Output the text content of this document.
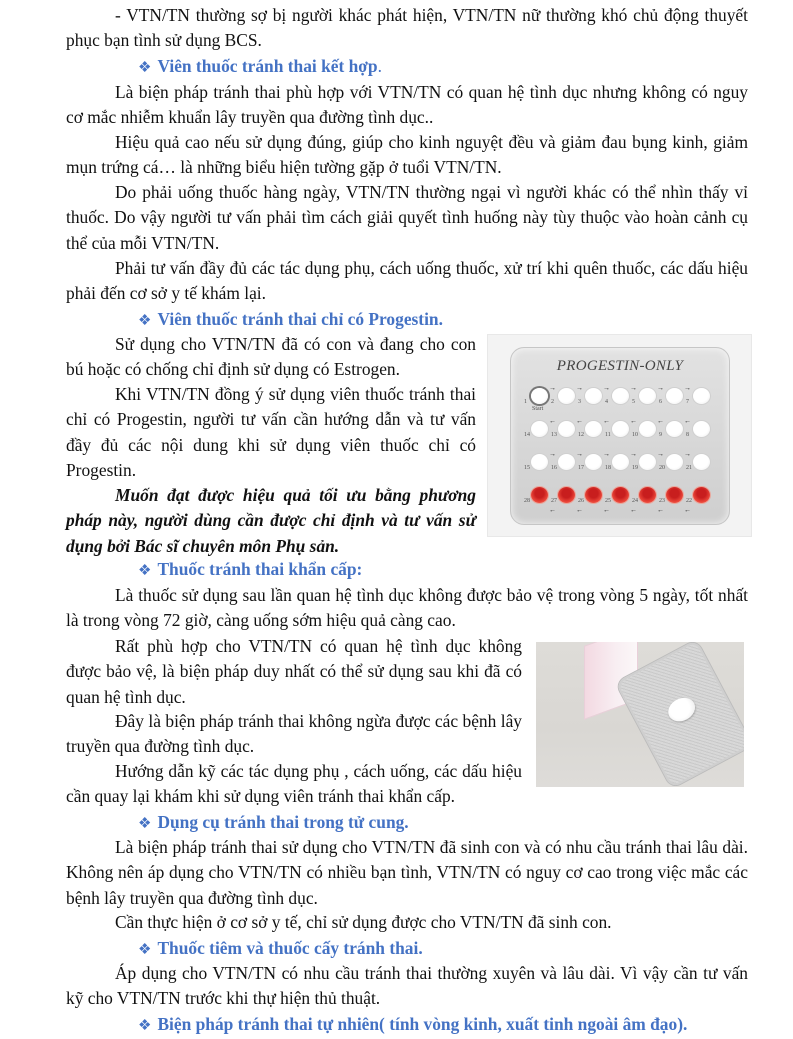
- VTN/TN thường sợ bị người khác phát hiện, VTN/TN nữ thường khó chủ động thuyết phục bạn tình sử dụng BCS.

❖ Viên thuốc tránh thai kết hợp.

Là biện pháp tránh thai phù hợp với VTN/TN có quan hệ tình dục nhưng không có nguy cơ mắc nhiễm khuẩn lây truyền qua đường tình dục..

Hiệu quả cao nếu sử dụng đúng, giúp cho kinh nguyệt đều và giảm đau bụng kinh, giảm mụn trứng cá… là những biểu hiện tường gặp ở tuổi VTN/TN.

Do phải uống thuốc hàng ngày, VTN/TN thường ngại vì người khác có thể nhìn thấy vỉ thuốc. Do vậy người tư vấn phải tìm cách giải quyết tình huống này tùy thuộc vào hoàn cảnh cụ thể của mỗi VTN/TN.

Phải tư vấn đầy đủ các tác dụng phụ, cách uống thuốc, xử trí khi quên thuốc, các dấu hiệu phải đến cơ sở y tế khám lại.

❖ Viên thuốc tránh thai chỉ có Progestin.

Sử dụng cho VTN/TN đã có con và đang cho con bú hoặc có chống chỉ định sử dụng có Estrogen.

Khi VTN/TN đồng ý sử dụng viên thuốc tránh thai chỉ có Progestin, người tư vấn cần hướng dẫn và tư vấn đầy đủ các nội dung khi sử dụng viên thuốc chỉ có Progestin.

Muốn đạt được hiệu quả tối ưu bằng phương pháp này, người dùng cần được chỉ định và tư vấn sử dụng bởi Bác sĩ chuyên môn Phụ sản.

❖ Thuốc tránh thai khẩn cấp:

Là thuốc sử dụng sau lần quan hệ tình dục không được bảo vệ trong vòng 5 ngày, tốt nhất là trong vòng 72 giờ, càng uống sớm hiệu quả càng cao.

Rất phù hợp cho VTN/TN có quan hệ tình dục không được bảo vệ, là biện pháp duy nhất có thể sử dụng sau khi đã có quan hệ tình dục.

Đây là biện pháp tránh thai không ngừa được các bệnh lây truyền qua đường tình dục.

Hướng dẫn kỹ các tác dụng phụ , cách uống, các dấu hiệu cần quay lại khám khi sử dụng viên tránh thai khẩn cấp.

❖ Dụng cụ tránh thai trong tử cung.

Là biện pháp tránh thai sử dụng cho VTN/TN đã sinh con và có nhu cầu tránh thai lâu dài. Không nên áp dụng cho VTN/TN có nhiều bạn tình, VTN/TN có nguy cơ cao trong việc mắc các bệnh lây truyền qua đường tình dục.

Cần thực hiện ở cơ sở y tế, chỉ sử dụng được cho VTN/TN đã sinh con.

❖ Thuốc tiêm và thuốc cấy tránh thai.

Áp dụng cho VTN/TN có nhu cầu tránh thai thường xuyên và lâu dài. Vì vậy cần tư vấn kỹ cho VTN/TN trước khi thự hiện thủ thuật.

❖ Biện pháp tránh thai tự nhiên( tính vòng kinh, xuất tinh ngoài âm đạo).

PROGESTIN-ONLY
1
→
2
→
3
→
4
→
5
→
6
→
7
14
←
13
←
12
←
11
←
10
←
9
←
8
15
→
16
→
17
→
18
→
19
→
20
→
21
28
←
27
←
26
←
25
←
24
←
23
←
22
Start
